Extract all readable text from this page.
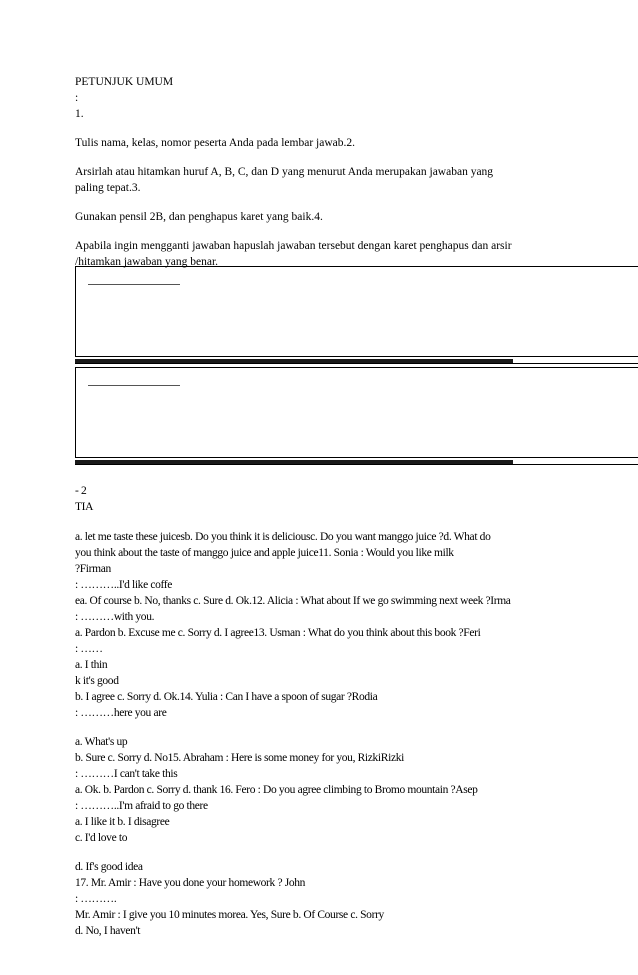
PETUNJUK UMUM
:
1.
Tulis nama, kelas, nomor peserta Anda pada lembar jawab.2.
Arsirlah atau hitamkan huruf A, B, C, dan D yang menurut Anda merupakan jawaban yang
paling tepat.3.
Gunakan pensil 2B, dan penghapus karet yang baik.4.
Apabila ingin mengganti jawaban hapuslah jawaban tersebut dengan karet penghapus dan arsir
/hitamkan jawaban yang benar.
- 2
TIA
a. let me taste these juicesb. Do you think it is deliciousc. Do you want manggo juice ?d. What do
you think about the taste of manggo juice and apple juice11. Sonia : Would you like milk
?Firman
: ………..I'd like coffe
ea. Of course b. No, thanks c. Sure d. Ok.12. Alicia : What about If we go swimming next week ?Irma
: ………with you.
a. Pardon b. Excuse me c. Sorry d. I agree13. Usman : What do you think about this book ?Feri
: ……
a. I thin
k it's good
b. I agree c. Sorry d. Ok.14. Yulia : Can I have a spoon of sugar ?Rodia
: ………here you are
a. What's up
b. Sure c. Sorry d. No15. Abraham : Here is some money for you, RizkiRizki
: ………I can't take this
a. Ok. b. Pardon c. Sorry d. thank 16. Fero : Do you agree climbing to Bromo mountain ?Asep
: ………..I'm afraid to go there
a. I like it b. I disagree
c. I'd love to
d. If's good idea
17. Mr. Amir : Have you done your homework ? John
: ……….
Mr. Amir : I give you 10 minutes morea. Yes, Sure b. Of Course c. Sorry
d. No, I haven't
